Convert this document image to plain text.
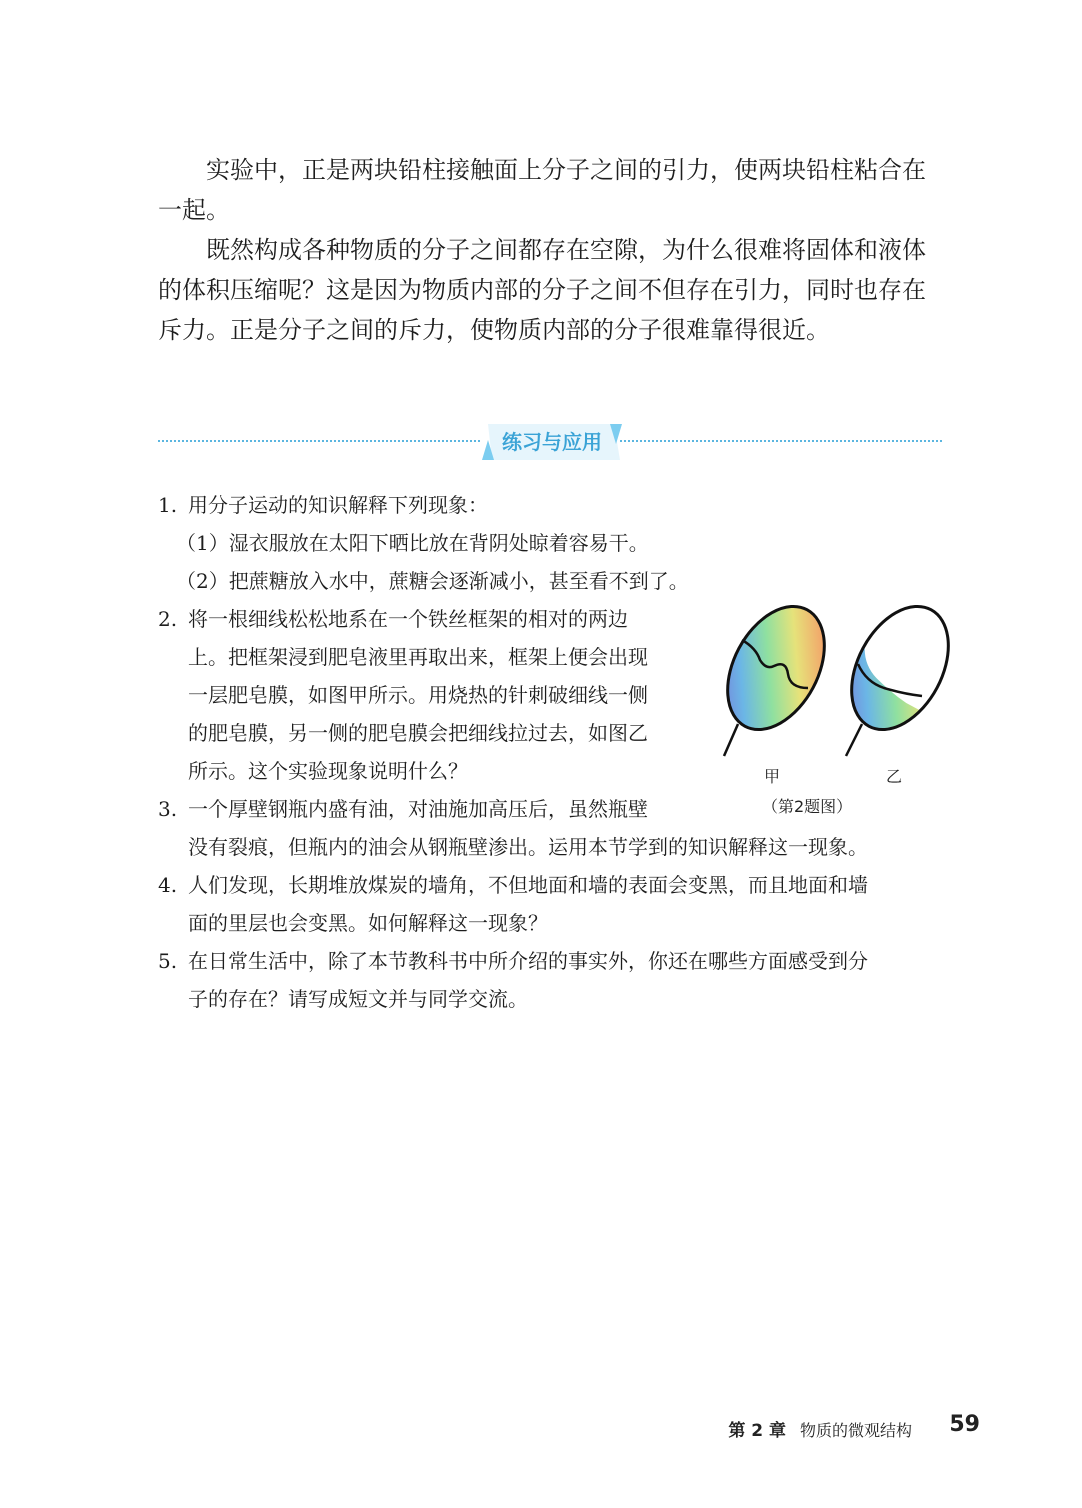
实验中，正是两块铅柱接触面上分子之间的引力，使两块铅柱粘合在
一起。
既然构成各种物质的分子之间都存在空隙，为什么很难将固体和液体
的体积压缩呢？这是因为物质内部的分子之间不但存在引力，同时也存在
斥力。正是分子之间的斥力，使物质内部的分子很难靠得很近。
练习与应用

1. 用分子运动的知识解释下列现象：

（1）湿衣服放在太阳下晒比放在背阴处晾着容易干。

（2）把蔗糖放入水中，蔗糖会逐渐减小，甚至看不到了。

2. 将一根细线松松地系在一个铁丝框架的相对的两边

上。把框架浸到肥皂液里再取出来，框架上便会出现

一层肥皂膜，如图甲所示。用烧热的针刺破细线一侧

的肥皂膜，另一侧的肥皂膜会把细线拉过去，如图乙

所示。这个实验现象说明什么？

3. 一个厚壁钢瓶内盛有油，对油施加高压后，虽然瓶壁

没有裂痕，但瓶内的油会从钢瓶壁渗出。运用本节学到的知识解释这一现象。

4. 人们发现，长期堆放煤炭的墙角，不但地面和墙的表面会变黑，而且地面和墙

面的里层也会变黑。如何解释这一现象？

5. 在日常生活中，除了本节教科书中所介绍的事实外，你还在哪些方面感受到分

子的存在？请写成短文并与同学交流。

甲	乙
（第2题图）
第 2 章 物质的微观结构 59
